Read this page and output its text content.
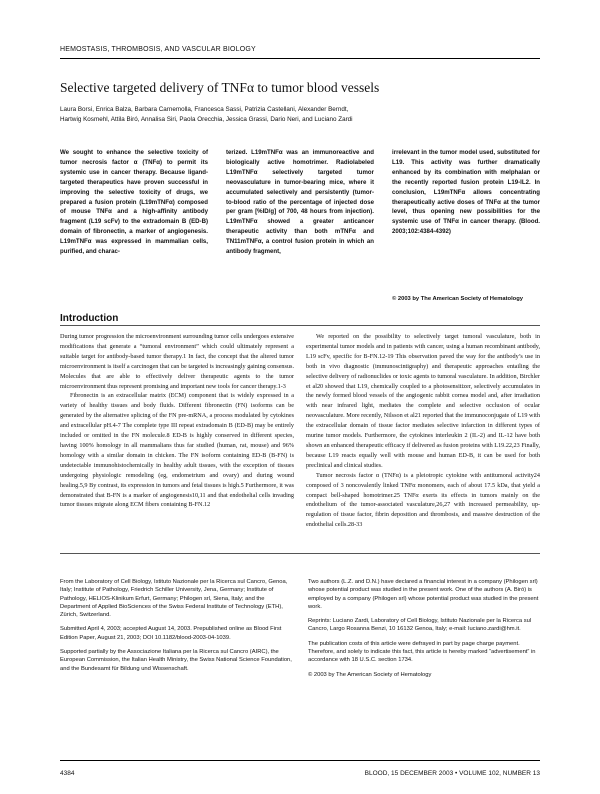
HEMOSTASIS, THROMBOSIS, AND VASCULAR BIOLOGY
Selective targeted delivery of TNFα to tumor blood vessels
Laura Borsi, Enrica Balza, Barbara Carnemolla, Francesca Sassi, Patrizia Castellani, Alexander Berndt,
Hartwig Kosmehl, Attila Biró, Annalisa Siri, Paola Orecchia, Jessica Grassi, Dario Neri, and Luciano Zardi
We sought to enhance the selective toxicity of tumor necrosis factor α (TNFα) to permit its systemic use in cancer therapy. Because ligand-targeted therapeutics have proven successful in improving the selective toxicity of drugs, we prepared a fusion protein (L19mTNFα) composed of mouse TNFα and a high-affinity antibody fragment (L19 scFv) to the extradomain B (ED-B) domain of fibronectin, a marker of angiogenesis. L19mTNFα was expressed in mammalian cells, purified, and charac-
terized. L19mTNFα was an immunoreactive and biologically active homotrimer. Radiolabeled L19mTNFα selectively targeted tumor neovasculature in tumor-bearing mice, where it accumulated selectively and persistently (tumor-to-blood ratio of the percentage of injected dose per gram [%ID/g] of 700, 48 hours from injection). L19mTNFα showed a greater anticancer therapeutic activity than both mTNFα and TN11mTNFα, a control fusion protein in which an antibody fragment,
irrelevant in the tumor model used, substituted for L19. This activity was further dramatically enhanced by its combination with melphalan or the recently reported fusion protein L19-IL2. In conclusion, L19mTNFα allows concentrating therapeutically active doses of TNFα at the tumor level, thus opening new possibilities for the systemic use of TNFα in cancer therapy. (Blood. 2003;102:4384-4392)
© 2003 by The American Society of Hematology
Introduction

During tumor progression the microenvironment surrounding tumor cells undergoes extensive modifications that generate a “tumoral environment” which could ultimately represent a suitable target for antibody-based tumor therapy.1 In fact, the concept that the altered tumor microenvironment is itself a carcinogen that can be targeted is increasingly gaining consensus. Molecules that are able to effectively deliver therapeutic agents to the tumor microenvironment thus represent promising and important new tools for cancer therapy.1-3

Fibronectin is an extracellular matrix (ECM) component that is widely expressed in a variety of healthy tissues and body fluids. Different fibronectin (FN) isoforms can be generated by the alternative splicing of the FN pre-mRNA, a process modulated by cytokines and extracellular pH.4-7 The complete type III repeat extradomain B (ED-B) may be entirely included or omitted in the FN molecule.8 ED-B is highly conserved in different species, having 100% homology in all mammalians thus far studied (human, rat, mouse) and 96% homology with a similar domain in chicken. The FN isoform containing ED-B (B-FN) is undetectable immunohistochemically in healthy adult tissues, with the exception of tissues undergoing physiologic remodeling (eg, endometrium and ovary) and during wound healing.5,9 By contrast, its expression in tumors and fetal tissues is high.5 Furthermore, it was demonstrated that B-FN is a marker of angiogenesis10,11 and that endothelial cells invading tumor tissues migrate along ECM fibers containing B-FN.12

We reported on the possibility to selectively target tumoral vasculature, both in experimental tumor models and in patients with cancer, using a human recombinant antibody, L19 scFv, specific for B-FN.12-19 This observation paved the way for the antibody’s use in both in vivo diagnostic (immunoscintigraphy) and therapeutic approaches entailing the selective delivery of radionuclides or toxic agents to tumoral vasculature. In addition, Birchler et al20 showed that L19, chemically coupled to a photosensitizer, selectively accumulates in the newly formed blood vessels of the angiogenic rabbit cornea model and, after irradiation with near infrared light, mediates the complete and selective occlusion of ocular neovasculature. More recently, Nilsson et al21 reported that the immunoconjugate of L19 with the extracellular domain of tissue factor mediates selective infarction in different types of murine tumor models. Furthermore, the cytokines interleukin 2 (IL-2) and IL-12 have both shown an enhanced therapeutic efficacy if delivered as fusion proteins with L19.22,23 Finally, because L19 reacts equally well with mouse and human ED-B, it can be used for both preclinical and clinical studies.

Tumor necrosis factor α (TNFα) is a pleiotropic cytokine with antitumoral activity24 composed of 3 noncovalently linked TNFα monomers, each of about 17.5 kDa, that yield a compact bell-shaped homotrimer.25 TNFα exerts its effects in tumors mainly on the endothelium of the tumor-associated vasculature,26,27 with increased permeability, up-regulation of tissue factor, fibrin deposition and thrombosis, and massive destruction of the endothelial cells.28-33

From the Laboratory of Cell Biology, Istituto Nazionale per la Ricerca sul Cancro, Genoa, Italy; Institute of Pathology, Friedrich Schiller University, Jena, Germany; Institute of Pathology, HELIOS-Klinikum Erfurt, Germany; Philogen srl, Siena, Italy; and the Department of Applied BioSciences of the Swiss Federal Institute of Technology (ETH), Zürich, Switzerland.

Submitted April 4, 2003; accepted August 14, 2003. Prepublished online as Blood First Edition Paper, August 21, 2003; DOI 10.1182/blood-2003-04-1039.

Supported partially by the Associazione Italiana per la Ricerca sul Cancro (AIRC), the European Commission, the Italian Health Ministry, the Swiss National Science Foundation, and the Bundesamt für Bildung und Wissenschaft.

Two authors (L.Z. and D.N.) have declared a financial interest in a company (Philogen srl) whose potential product was studied in the present work. One of the authors (A. Biró) is employed by a company (Philogen srl) whose potential product was studied in the present work.

Reprints: Luciano Zardi, Laboratory of Cell Biology, Istituto Nazionale per la Ricerca sul Cancro, Largo Rosanna Benzi, 10 16132 Genoa, Italy; e-mail: luciano.zardi@hm.it.

The publication costs of this article were defrayed in part by page charge payment. Therefore, and solely to indicate this fact, this article is hereby marked “advertisement” in accordance with 18 U.S.C. section 1734.

© 2003 by The American Society of Hematology

4384	BLOOD, 15 DECEMBER 2003 • VOLUME 102, NUMBER 13
